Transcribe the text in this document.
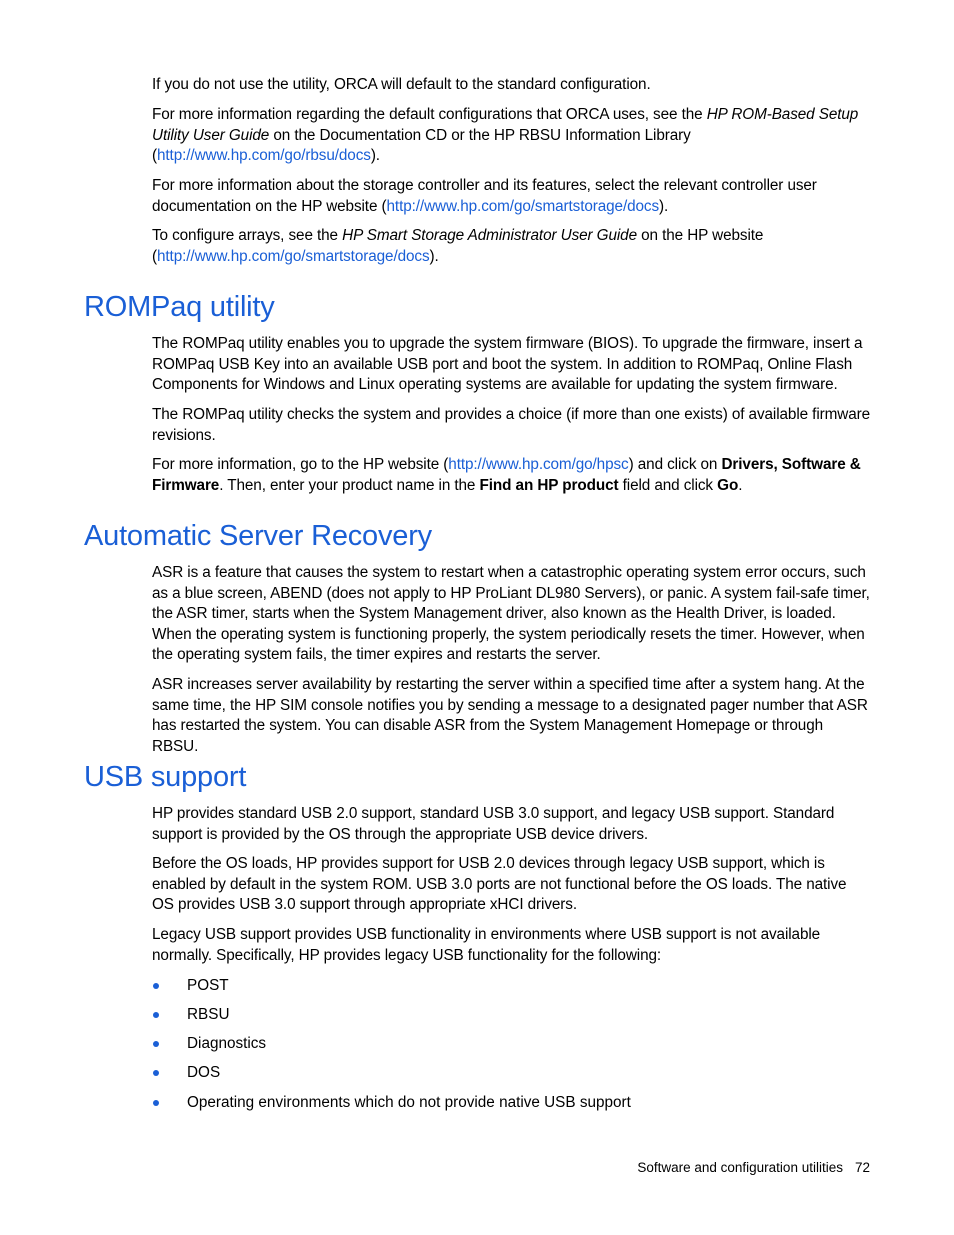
If you do not use the utility, ORCA will default to the standard configuration.

For more information regarding the default configurations that ORCA uses, see the HP ROM-Based Setup Utility User Guide on the Documentation CD or the HP RBSU Information Library (http://www.hp.com/go/rbsu/docs).

For more information about the storage controller and its features, select the relevant controller user documentation on the HP website (http://www.hp.com/go/smartstorage/docs).

To configure arrays, see the HP Smart Storage Administrator User Guide on the HP website (http://www.hp.com/go/smartstorage/docs).

ROMPaq utility

The ROMPaq utility enables you to upgrade the system firmware (BIOS). To upgrade the firmware, insert a ROMPaq USB Key into an available USB port and boot the system. In addition to ROMPaq, Online Flash Components for Windows and Linux operating systems are available for updating the system firmware.

The ROMPaq utility checks the system and provides a choice (if more than one exists) of available firmware revisions.

For more information, go to the HP website (http://www.hp.com/go/hpsc) and click on Drivers, Software & Firmware. Then, enter your product name in the Find an HP product field and click Go.

Automatic Server Recovery

ASR is a feature that causes the system to restart when a catastrophic operating system error occurs, such as a blue screen, ABEND (does not apply to HP ProLiant DL980 Servers), or panic. A system fail-safe timer, the ASR timer, starts when the System Management driver, also known as the Health Driver, is loaded. When the operating system is functioning properly, the system periodically resets the timer. However, when the operating system fails, the timer expires and restarts the server.

ASR increases server availability by restarting the server within a specified time after a system hang. At the same time, the HP SIM console notifies you by sending a message to a designated pager number that ASR has restarted the system. You can disable ASR from the System Management Homepage or through RBSU.

USB support

HP provides standard USB 2.0 support, standard USB 3.0 support, and legacy USB support. Standard support is provided by the OS through the appropriate USB device drivers.

Before the OS loads, HP provides support for USB 2.0 devices through legacy USB support, which is enabled by default in the system ROM. USB 3.0 ports are not functional before the OS loads. The native OS provides USB 3.0 support through appropriate xHCI drivers.

Legacy USB support provides USB functionality in environments where USB support is not available normally. Specifically, HP provides legacy USB functionality for the following:

POST
RBSU
Diagnostics
DOS
Operating environments which do not provide native USB support
Software and configuration utilities 72
